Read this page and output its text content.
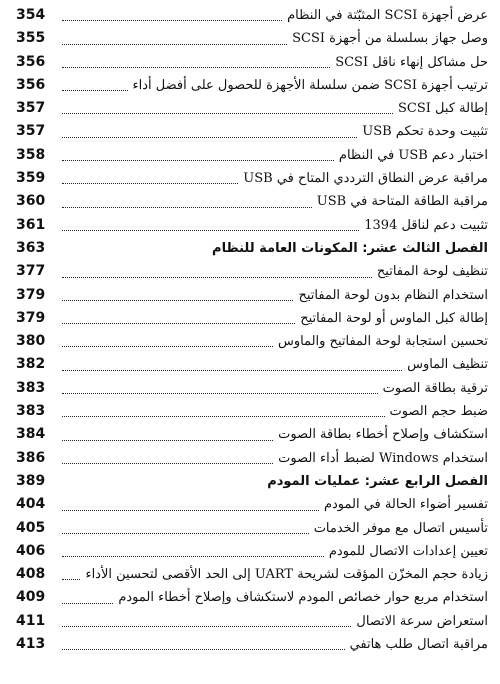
عرض أجهزة SCSI المثبّتة في النظام
354
وصل جهاز بسلسلة من أجهزة SCSI
355
حل مشاكل إنهاء ناقل SCSI
356
ترتيب أجهزة SCSI ضمن سلسلة الأجهزة للحصول على أفضل أداء
356
إطالة كبل SCSI
357
تثبيت وحدة تحكم USB
357
اختبار دعم USB في النظام
358
مراقبة عرض النطاق الترددي المتاح في USB
359
مراقبة الطاقة المتاحة في USB
360
تثبيت دعم لناقل 1394
361
الفصل الثالث عشر: المكونات العامة للنظام
363
تنظيف لوحة المفاتيح
377
استخدام النظام بدون لوحة المفاتيح
379
إطالة كبل الماوس أو لوحة المفاتيح
379
تحسين استجابة لوحة المفاتيح والماوس
380
تنظيف الماوس
382
ترقية بطاقة الصوت
383
ضبط حجم الصوت
383
استكشاف وإصلاح أخطاء بطاقة الصوت
384
استخدام Windows لضبط أداء الصوت
386
الفصل الرابع عشر: عمليات المودم
389
تفسير أضواء الحالة في المودم
404
تأسيس اتصال مع موفر الخدمات
405
تعيين إعدادات الاتصال للمودم
406
زيادة حجم المخزّن المؤقت لشريحة UART إلى الحد الأقصى لتحسين الأداء
408
استخدام مربع حوار خصائص المودم لاستكشاف وإصلاح أخطاء المودم
409
استعراض سرعة الاتصال
411
مراقبة اتصال طلب هاتفي
413
